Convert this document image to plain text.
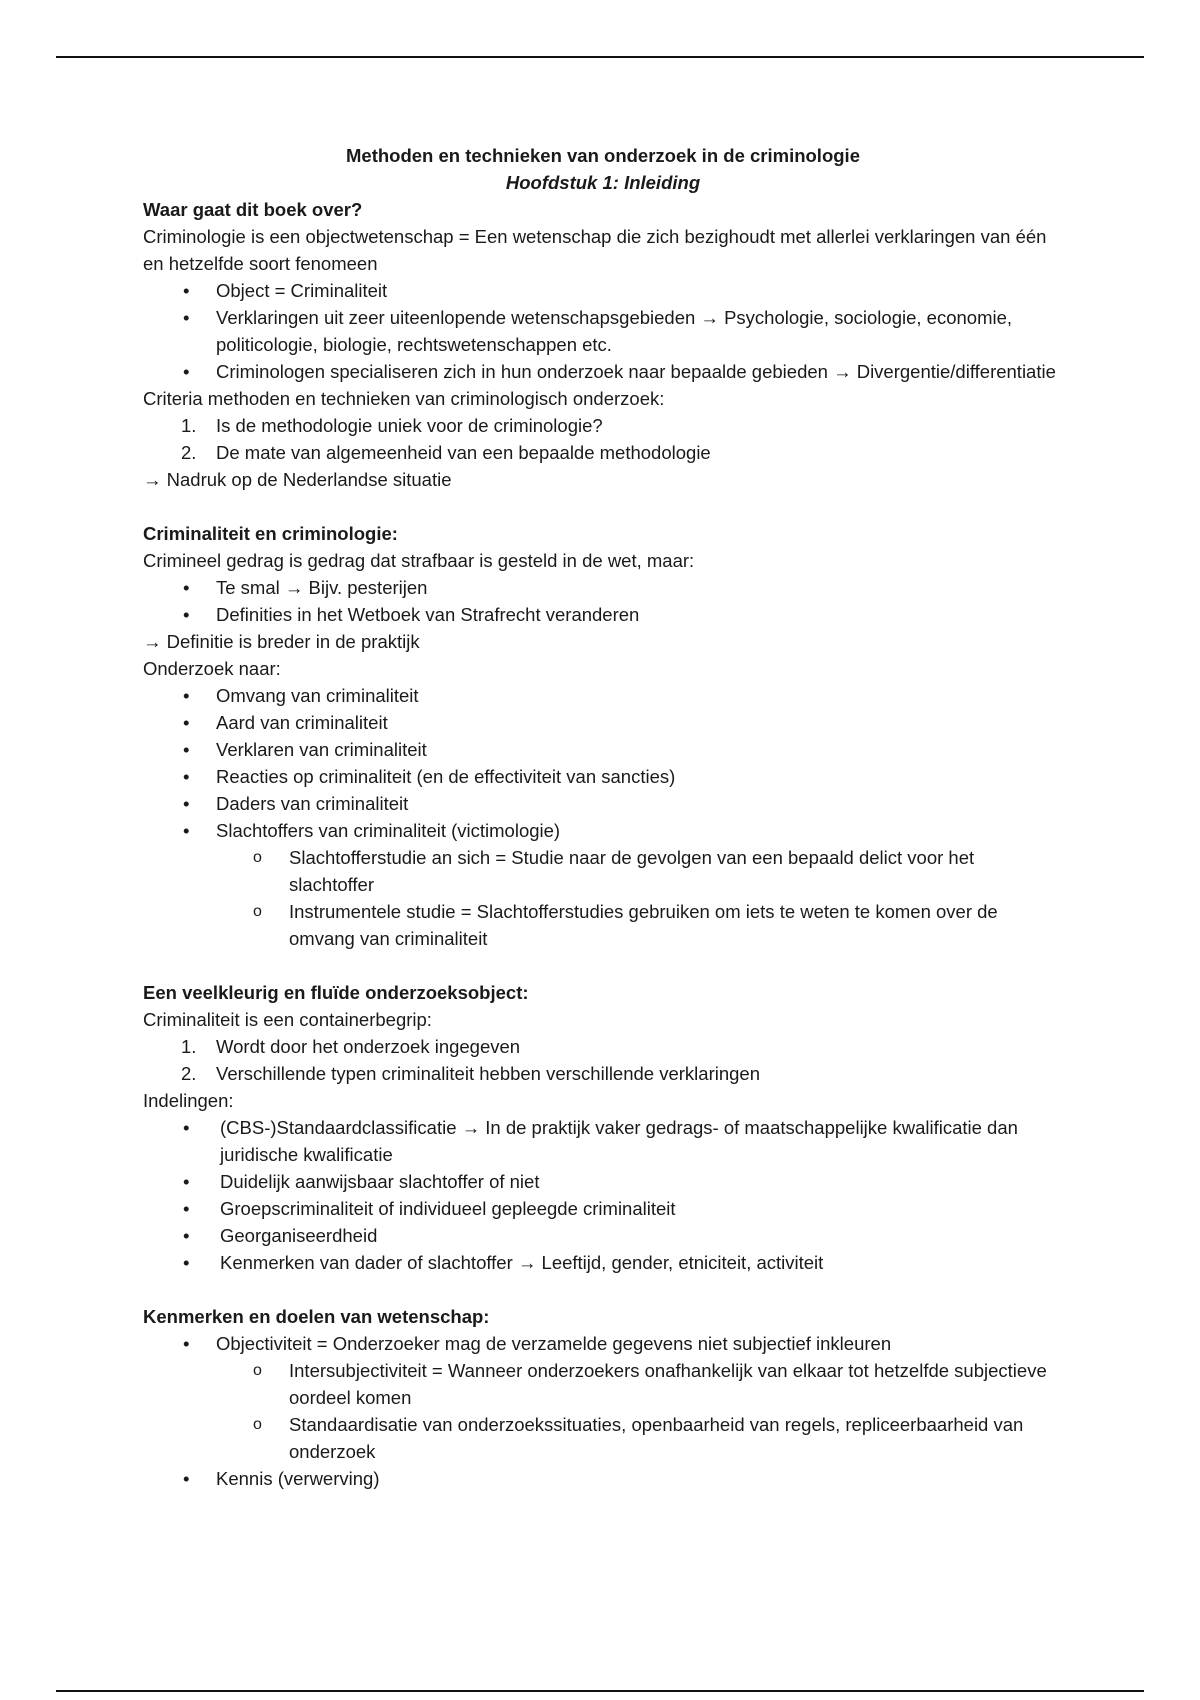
Methoden en technieken van onderzoek in de criminologie

Hoofdstuk 1: Inleiding

Waar gaat dit boek over?

Criminologie is een objectwetenschap = Een wetenschap die zich bezighoudt met allerlei verklaringen van één en hetzelfde soort fenomeen

• Object = Criminaliteit
• Verklaringen uit zeer uiteenlopende wetenschapsgebieden → Psychologie, sociologie, economie, politicologie, biologie, rechtswetenschappen etc.
• Criminologen specialiseren zich in hun onderzoek naar bepaalde gebieden → Divergentie/differentiatie

Criteria methoden en technieken van criminologisch onderzoek:

1. Is de methodologie uniek voor de criminologie?
2. De mate van algemeenheid van een bepaalde methodologie

→ Nadruk op de Nederlandse situatie

Criminaliteit en criminologie:

Crimineel gedrag is gedrag dat strafbaar is gesteld in de wet, maar:

• Te smal → Bijv. pesterijen
• Definities in het Wetboek van Strafrecht veranderen

→ Definitie is breder in de praktijk

Onderzoek naar:

• Omvang van criminaliteit
• Aard van criminaliteit
• Verklaren van criminaliteit
• Reacties op criminaliteit (en de effectiviteit van sancties)
• Daders van criminaliteit
• Slachtoffers van criminaliteit (victimologie)
o Slachtofferstudie an sich = Studie naar de gevolgen van een bepaald delict voor het slachtoffer
o Instrumentele studie = Slachtofferstudies gebruiken om iets te weten te komen over de omvang van criminaliteit

Een veelkleurig en fluïde onderzoeksobject:

Criminaliteit is een containerbegrip:

1. Wordt door het onderzoek ingegeven
2. Verschillende typen criminaliteit hebben verschillende verklaringen

Indelingen:

• (CBS-)Standaardclassificatie → In de praktijk vaker gedrags- of maatschappelijke kwalificatie dan juridische kwalificatie
• Duidelijk aanwijsbaar slachtoffer of niet
• Groepscriminaliteit of individueel gepleegde criminaliteit
• Georganiseerdheid
• Kenmerken van dader of slachtoffer → Leeftijd, gender, etniciteit, activiteit

Kenmerken en doelen van wetenschap:

• Objectiviteit = Onderzoeker mag de verzamelde gegevens niet subjectief inkleuren
o Intersubjectiviteit = Wanneer onderzoekers onafhankelijk van elkaar tot hetzelfde subjectieve oordeel komen
o Standaardisatie van onderzoekssituaties, openbaarheid van regels, repliceerbaarheid van onderzoek
• Kennis (verwerving)
